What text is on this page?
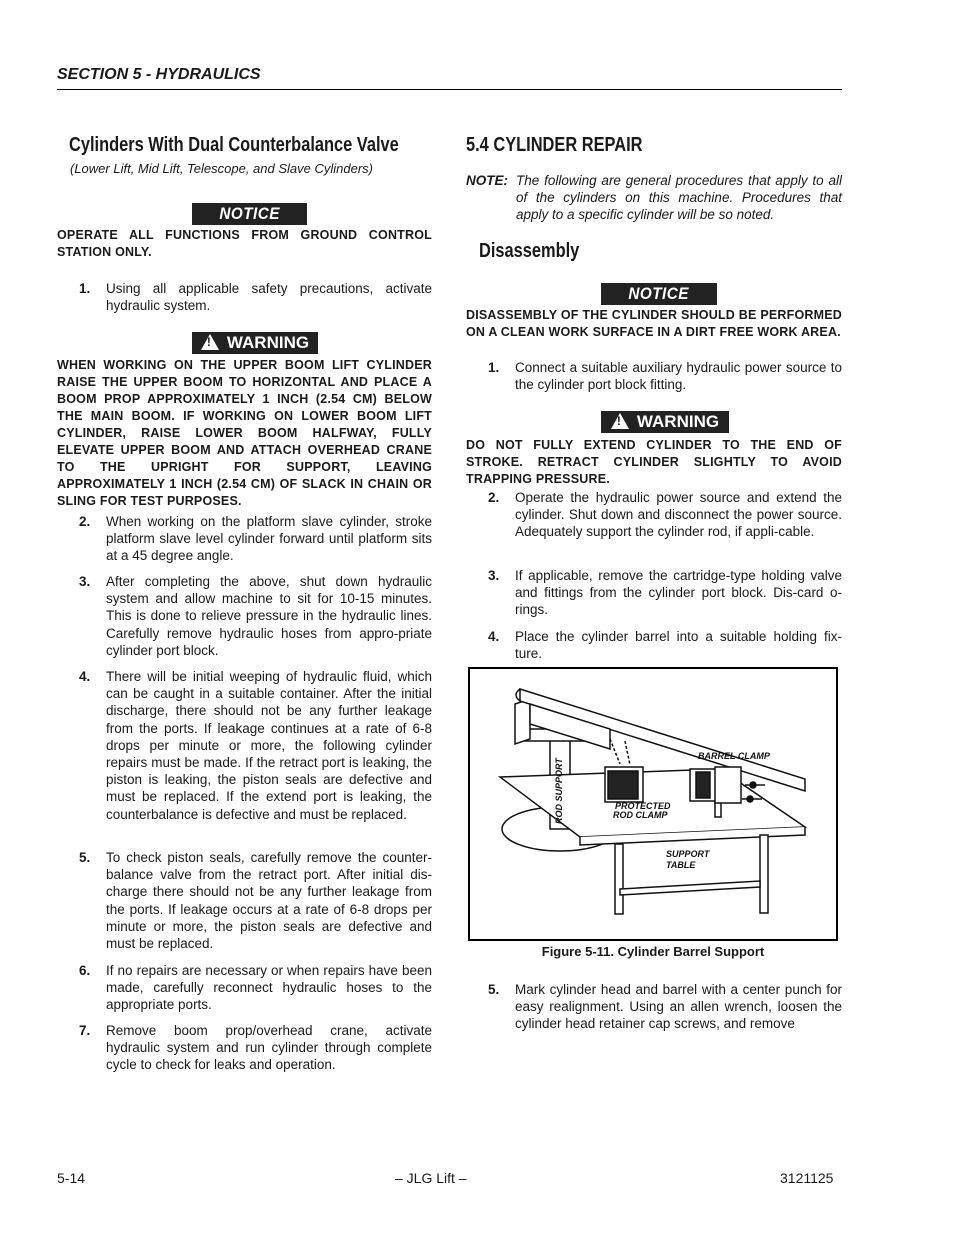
SECTION 5 - HYDRAULICS
Cylinders With Dual Counterbalance Valve
(Lower Lift, Mid Lift, Telescope, and Slave Cylinders)
NOTICE
OPERATE ALL FUNCTIONS FROM GROUND CONTROL STATION ONLY.
1. Using all applicable safety precautions, activate hydraulic system.
!WARNING
WHEN WORKING ON THE UPPER BOOM LIFT CYLINDER RAISE THE UPPER BOOM TO HORIZONTAL AND PLACE A BOOM PROP APPROXIMATELY 1 INCH (2.54 CM) BELOW THE MAIN BOOM. IF WORKING ON LOWER BOOM LIFT CYLINDER, RAISE LOWER BOOM HALFWAY, FULLY ELEVATE UPPER BOOM AND ATTACH OVERHEAD CRANE TO THE UPRIGHT FOR SUPPORT, LEAVING APPROXIMATELY 1 INCH (2.54 CM) OF SLACK IN CHAIN OR SLING FOR TEST PURPOSES.
2. When working on the platform slave cylinder, stroke platform slave level cylinder forward until platform sits at a 45 degree angle.
3. After completing the above, shut down hydraulic system and allow machine to sit for 10-15 minutes. This is done to relieve pressure in the hydraulic lines. Carefully remove hydraulic hoses from appro-priate cylinder port block.
4. There will be initial weeping of hydraulic fluid, which can be caught in a suitable container. After the initial discharge, there should not be any further leakage from the ports. If leakage continues at a rate of 6-8 drops per minute or more, the following cylinder repairs must be made. If the retract port is leaking, the piston is leaking, the piston seals are defective and must be replaced. If the extend port is leaking, the counterbalance is defective and must be replaced.
5. To check piston seals, carefully remove the counter-balance valve from the retract port. After initial dis-charge there should not be any further leakage from the ports. If leakage occurs at a rate of 6-8 drops per minute or more, the piston seals are defective and must be replaced.
6. If no repairs are necessary or when repairs have been made, carefully reconnect hydraulic hoses to the appropriate ports.
7. Remove boom prop/overhead crane, activate hydraulic system and run cylinder through complete cycle to check for leaks and operation.
5.4 CYLINDER REPAIR
NOTE: The following are general procedures that apply to all of the cylinders on this machine. Procedures that apply to a specific cylinder will be so noted.
Disassembly
NOTICE
DISASSEMBLY OF THE CYLINDER SHOULD BE PERFORMED ON A CLEAN WORK SURFACE IN A DIRT FREE WORK AREA.
1. Connect a suitable auxiliary hydraulic power source to the cylinder port block fitting.
!WARNING
DO NOT FULLY EXTEND CYLINDER TO THE END OF STROKE. RETRACT CYLINDER SLIGHTLY TO AVOID TRAPPING PRESSURE.
2. Operate the hydraulic power source and extend the cylinder. Shut down and disconnect the power source. Adequately support the cylinder rod, if appli-cable.
3. If applicable, remove the cartridge-type holding valve and fittings from the cylinder port block. Dis-card o-rings.
4. Place the cylinder barrel into a suitable holding fix-ture.
BARREL CLAMP
ROD SUPPORT	PROTECTED
ROD CLAMP
SUPPORT
TABLE
Figure 5-11. Cylinder Barrel Support
5. Mark cylinder head and barrel with a center punch for easy realignment. Using an allen wrench, loosen the cylinder head retainer cap screws, and remove
5-14	– JLG Lift –	3121125
